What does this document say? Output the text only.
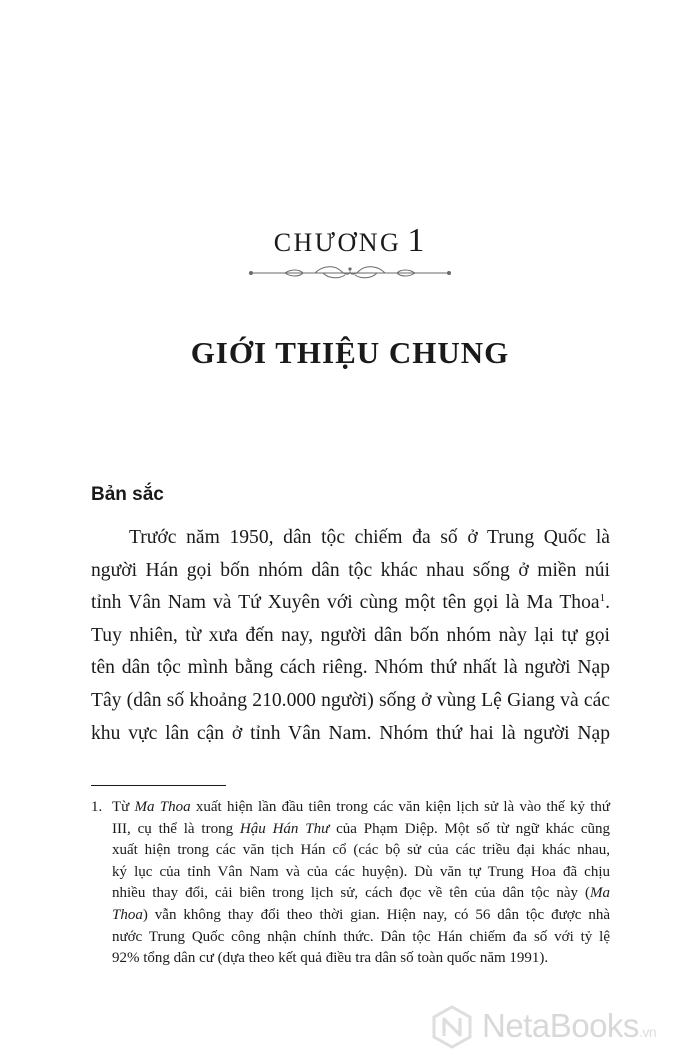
CHƯƠNG 1
GIỚI THIỆU CHUNG
Bản sắc
Trước năm 1950, dân tộc chiếm đa số ở Trung Quốc là
người Hán gọi bốn nhóm dân tộc khác nhau sống ở miền núi
tỉnh Vân Nam và Tứ Xuyên với cùng một tên gọi là Ma Thoa$^1$.
Tuy nhiên, từ xưa đến nay, người dân bốn nhóm này lại tự gọi
tên dân tộc mình bằng cách riêng. Nhóm thứ nhất là người Nạp
Tây (dân số khoảng 210.000 người) sống ở vùng Lệ Giang và các
khu vực lân cận ở tỉnh Vân Nam. Nhóm thứ hai là người Nạp
1. Từ Ma Thoa xuất hiện lần đầu tiên trong các văn kiện lịch sử là vào thế kỷ thứ
III, cụ thể là trong Hậu Hán Thư của Phạm Diệp. Một số từ ngữ khác cũng
xuất hiện trong các văn tịch Hán cổ (các bộ sử của các triều đại khác nhau,
ký lục của tỉnh Vân Nam và của các huyện). Dù văn tự Trung Hoa đã chịu
nhiều thay đổi, cải biên trong lịch sử, cách đọc về tên của dân tộc này (Ma
Thoa) vẫn không thay đổi theo thời gian. Hiện nay, có 56 dân tộc được nhà
nước Trung Quốc công nhận chính thức. Dân tộc Hán chiếm đa số với tỷ lệ
92% tổng dân cư (dựa theo kết quả điều tra dân số toàn quốc năm 1991).
NetaBooks.vn
